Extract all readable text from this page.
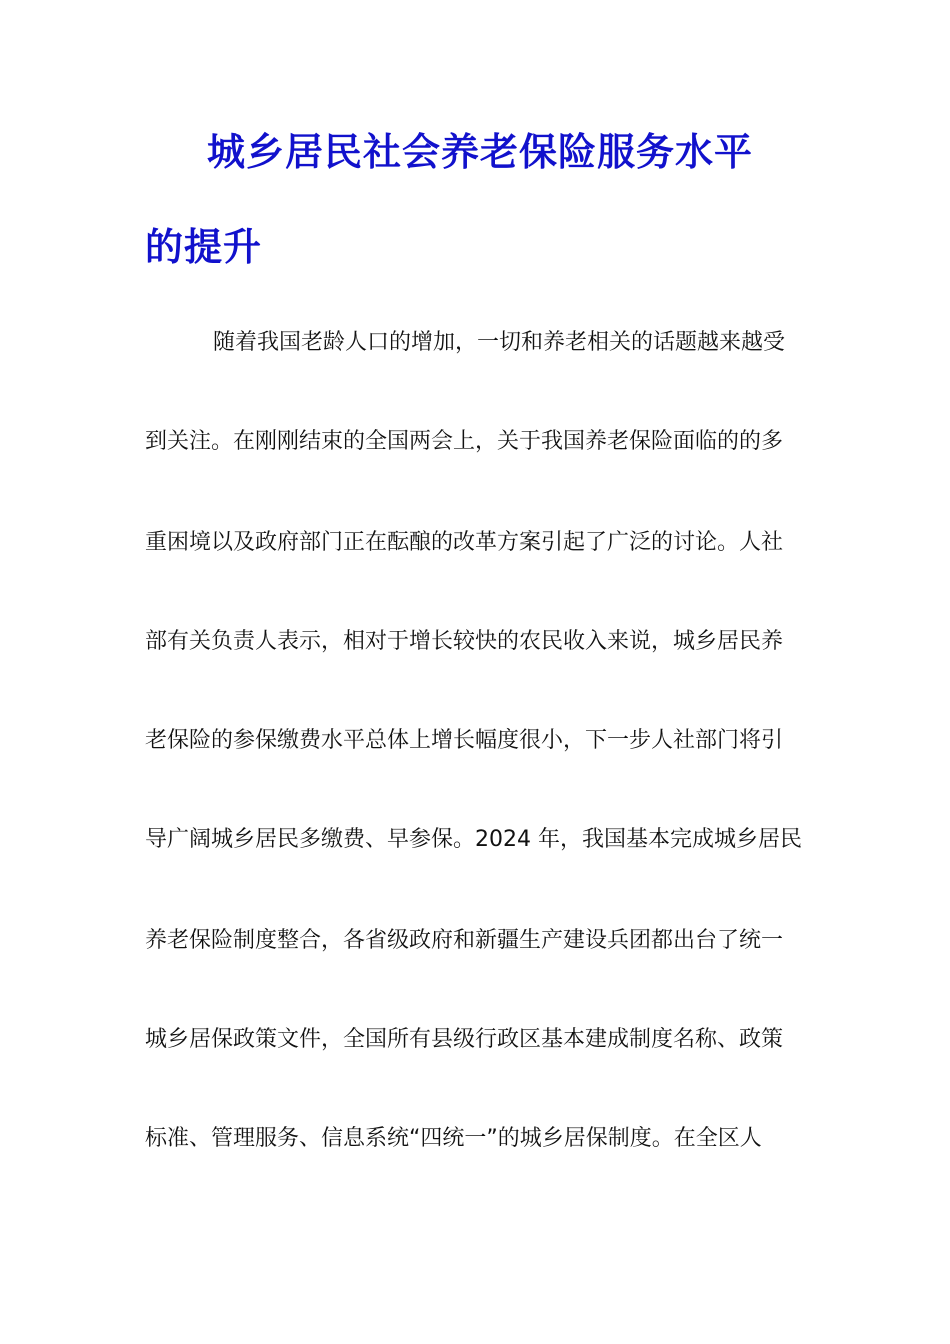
城乡居民社会养老保险服务水平
的提升
随着我国老龄人口的增加，一切和养老相关的话题越来越受
到关注。在刚刚结束的全国两会上，关于我国养老保险面临的的多
重困境以及政府部门正在酝酿的改革方案引起了广泛的讨论。人社
部有关负责人表示，相对于增长较快的农民收入来说，城乡居民养
老保险的参保缴费水平总体上增长幅度很小，下一步人社部门将引
导广阔城乡居民多缴费、早参保。2024 年，我国基本完成城乡居民
养老保险制度整合，各省级政府和新疆生产建设兵团都出台了统一
城乡居保政策文件，全国所有县级行政区基本建成制度名称、政策
标准、管理服务、信息系统“四统一”的城乡居保制度。在全区人
